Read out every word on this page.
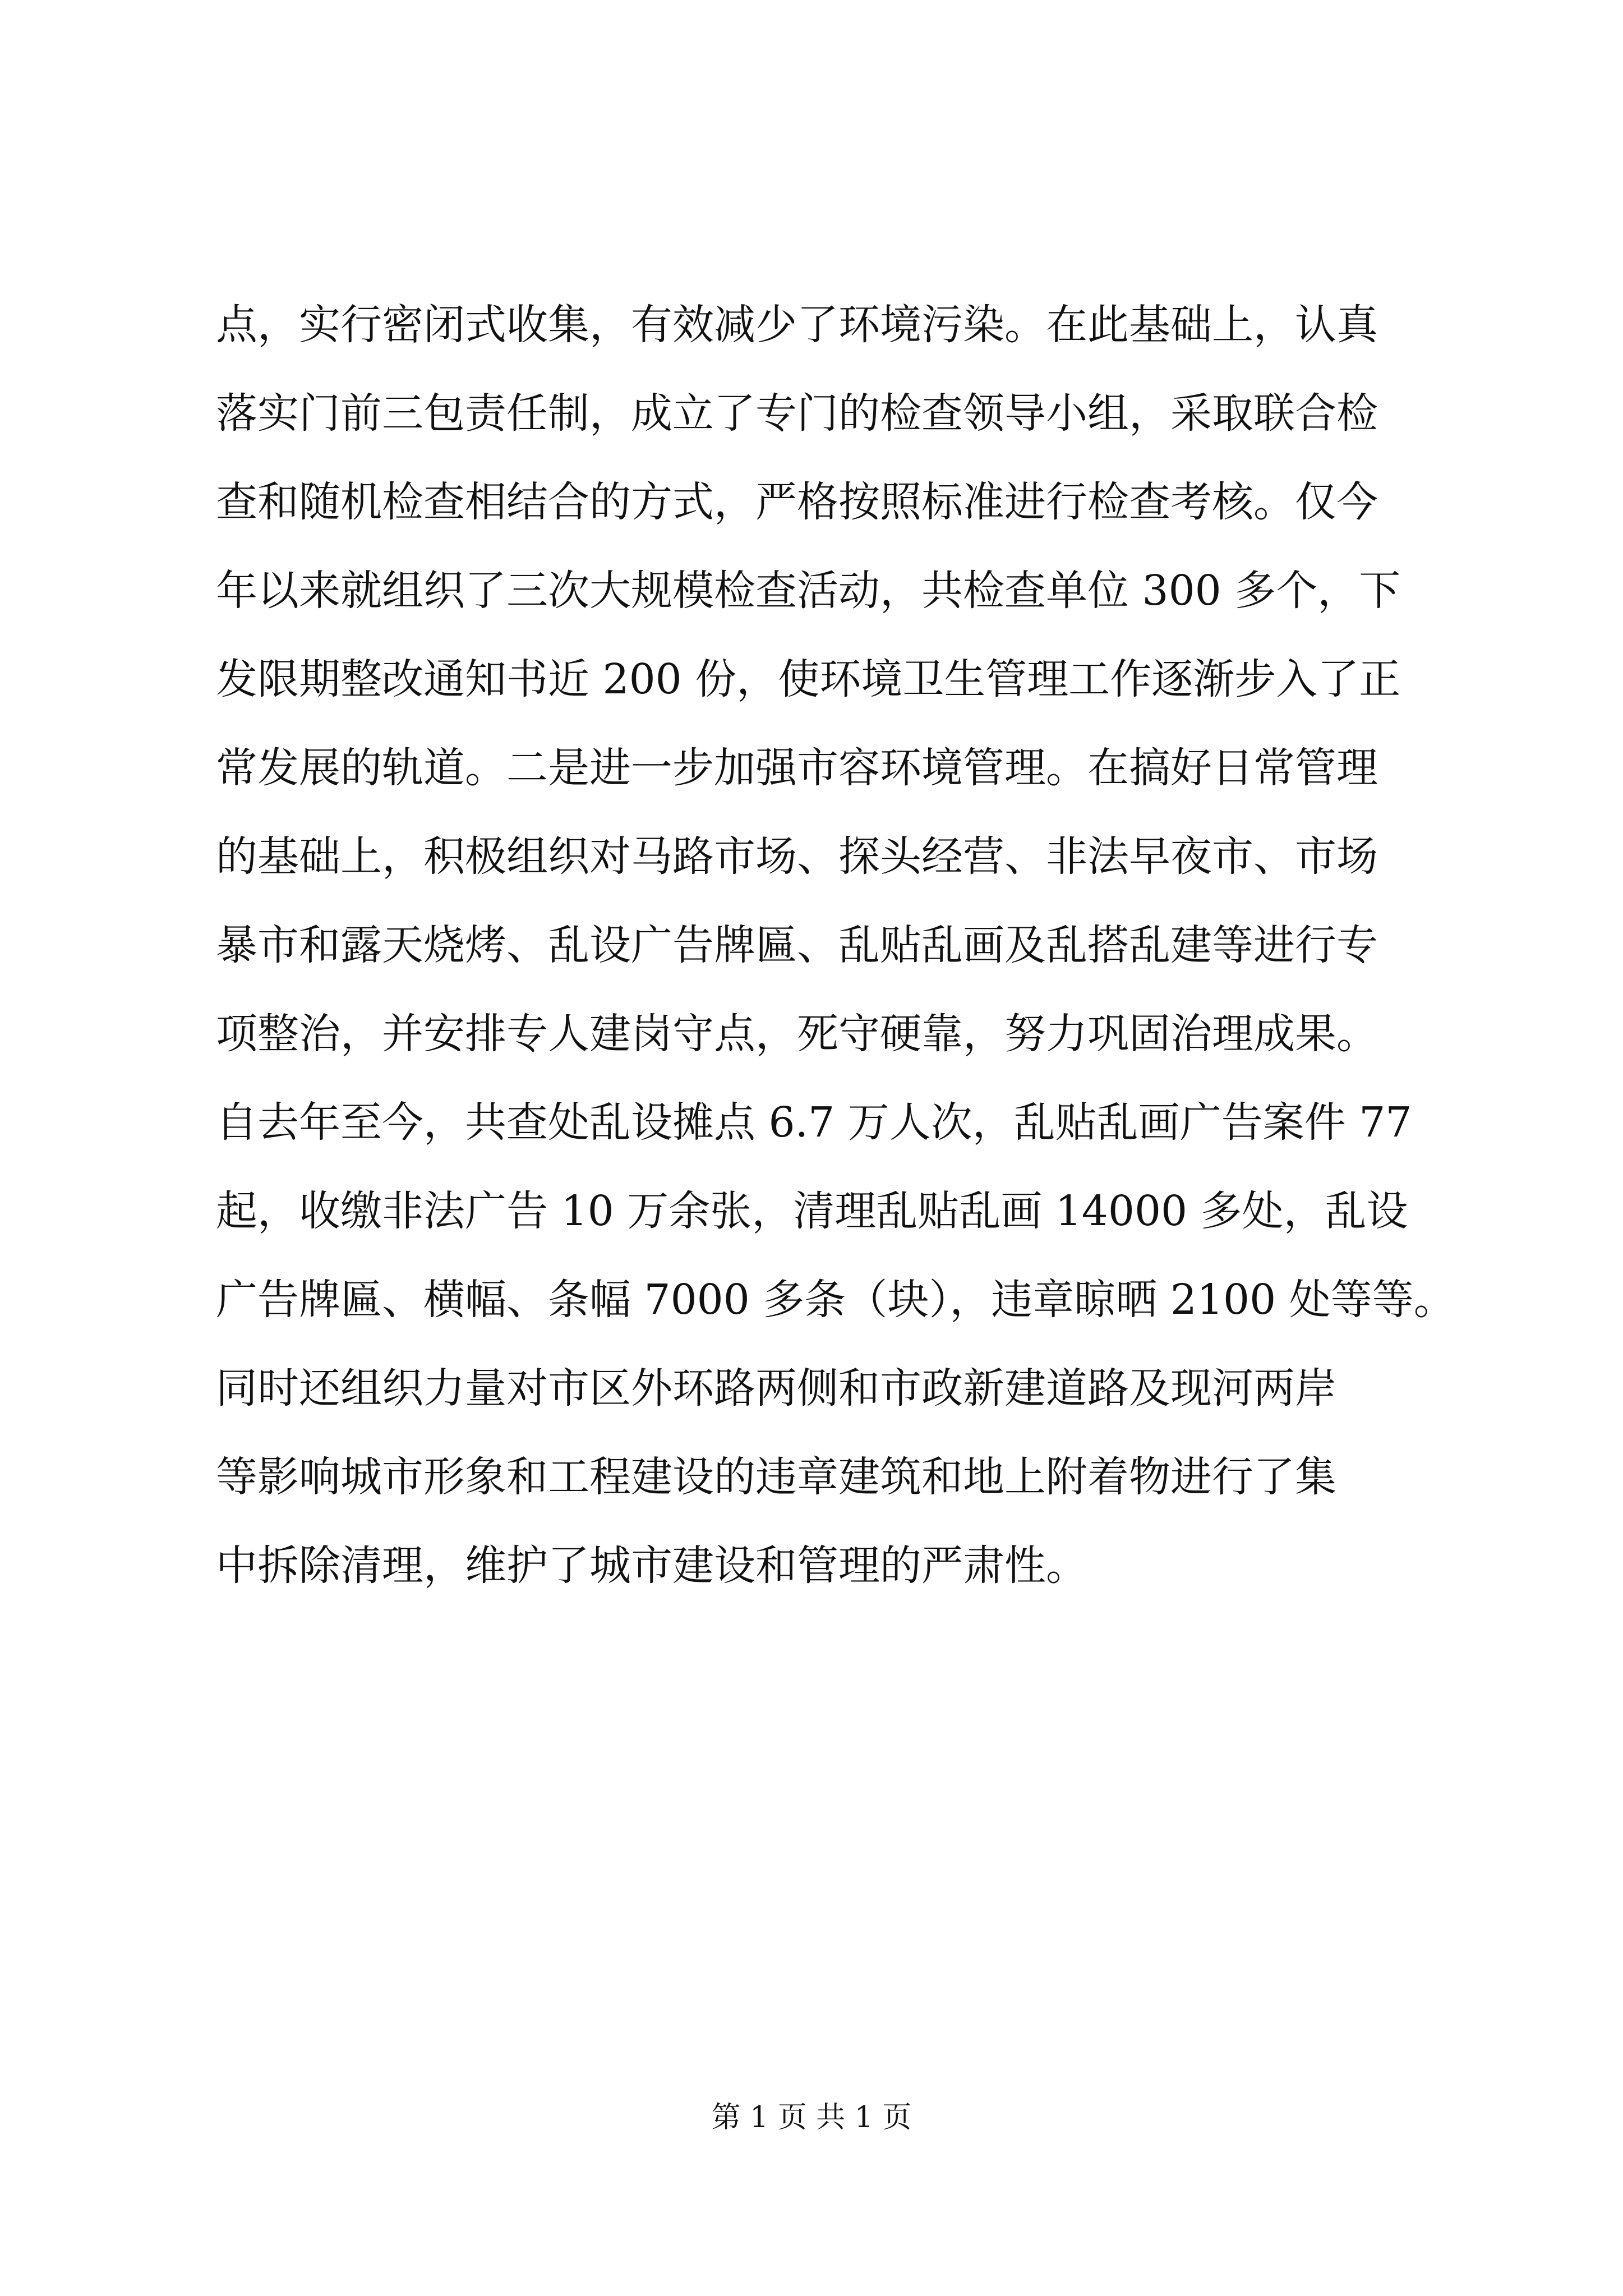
点，实行密闭式收集，有效减少了环境污染。在此基础上，认真
落实门前三包责任制，成立了专门的检查领导小组，采取联合检
查和随机检查相结合的方式，严格按照标准进行检查考核。仅今
年以来就组织了三次大规模检查活动，共检查单位 300 多个，下
发限期整改通知书近 200 份，使环境卫生管理工作逐渐步入了正
常发展的轨道。二是进一步加强市容环境管理。在搞好日常管理
的基础上，积极组织对马路市场、探头经营、非法早夜市、市场
暴市和露天烧烤、乱设广告牌匾、乱贴乱画及乱搭乱建等进行专
项整治，并安排专人建岗守点，死守硬靠，努力巩固治理成果。
自去年至今，共查处乱设摊点 6.7 万人次，乱贴乱画广告案件 77
起，收缴非法广告 10 万余张，清理乱贴乱画 14000 多处，乱设
广告牌匾、横幅、条幅 7000 多条（块），违章晾晒 2100 处等等。
同时还组织力量对市区外环路两侧和市政新建道路及现河两岸
等影响城市形象和工程建设的违章建筑和地上附着物进行了集
中拆除清理，维护了城市建设和管理的严肃性。
第 1 页 共 1 页
